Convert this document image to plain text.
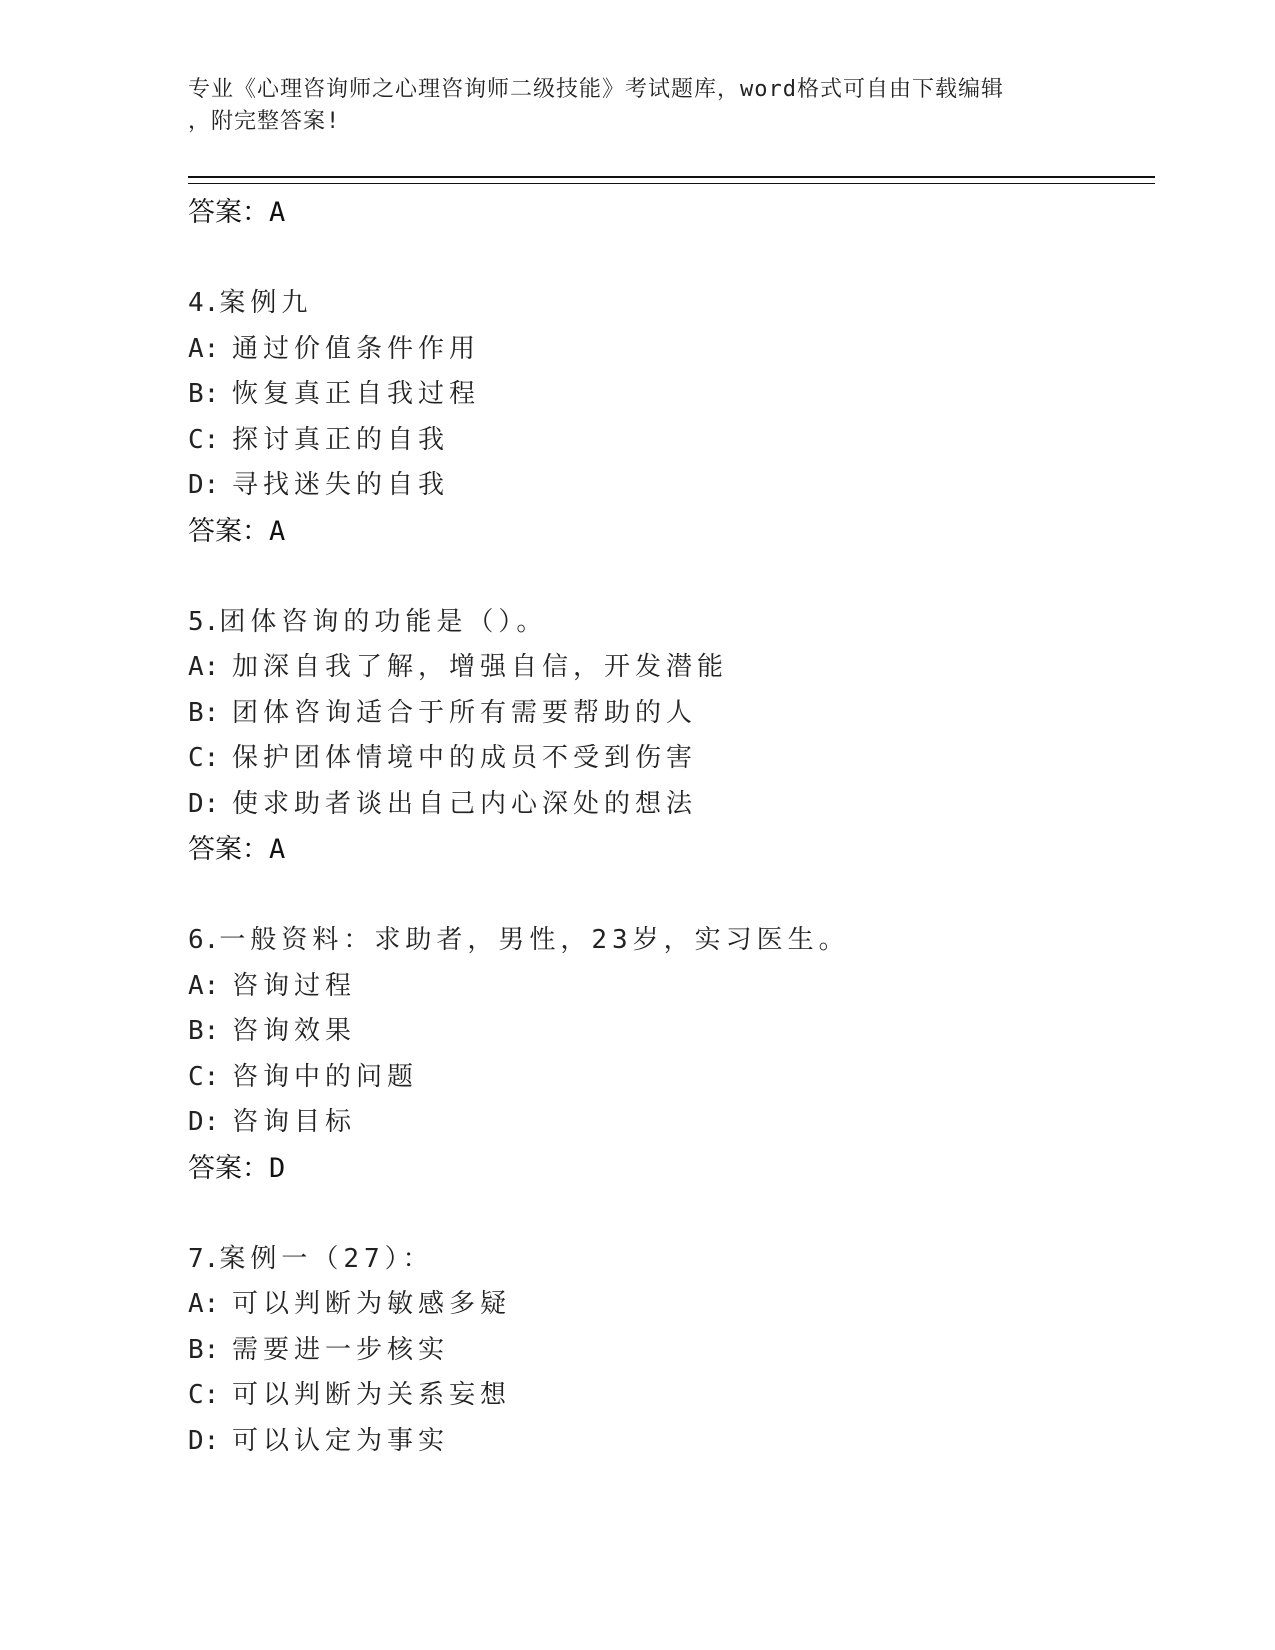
专业《心理咨询师之心理咨询师二级技能》考试题库，word格式可自由下载编辑
，附完整答案!
答案：A
4.案例九
A: 通过价值条件作用
B: 恢复真正自我过程
C: 探讨真正的自我
D: 寻找迷失的自我
答案：A
5.团体咨询的功能是（）。
A: 加深自我了解，增强自信，开发潜能
B: 团体咨询适合于所有需要帮助的人
C: 保护团体情境中的成员不受到伤害
D: 使求助者谈出自己内心深处的想法
答案：A
6.一般资料：求助者，男性，23岁，实习医生。
A: 咨询过程
B: 咨询效果
C: 咨询中的问题
D: 咨询目标
答案：D
7.案例一（27）：
A: 可以判断为敏感多疑
B: 需要进一步核实
C: 可以判断为关系妄想
D: 可以认定为事实
